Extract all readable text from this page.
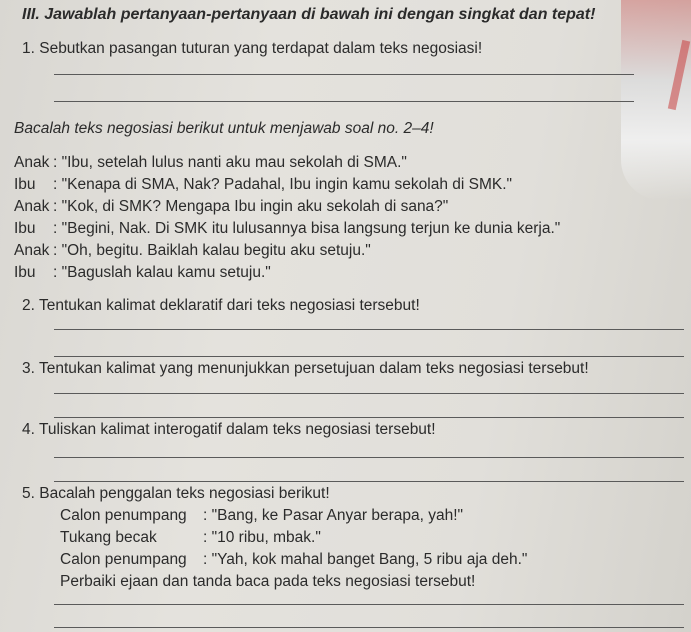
III. Jawablah pertanyaan-pertanyaan di bawah ini dengan singkat dan tepat!
1. Sebutkan pasangan tuturan yang terdapat dalam teks negosiasi!
Bacalah teks negosiasi berikut untuk menjawab soal no. 2–4!
Anak : "Ibu, setelah lulus nanti aku mau sekolah di SMA."
Ibu : "Kenapa di SMA, Nak? Padahal, Ibu ingin kamu sekolah di SMK."
Anak : "Kok, di SMK? Mengapa Ibu ingin aku sekolah di sana?"
Ibu : "Begini, Nak. Di SMK itu lulusannya bisa langsung terjun ke dunia kerja."
Anak : "Oh, begitu. Baiklah kalau begitu aku setuju."
Ibu : "Baguslah kalau kamu setuju."
2. Tentukan kalimat deklaratif dari teks negosiasi tersebut!
3. Tentukan kalimat yang menunjukkan persetujuan dalam teks negosiasi tersebut!
4. Tuliskan kalimat interogatif dalam teks negosiasi tersebut!
5. Bacalah penggalan teks negosiasi berikut!
Calon penumpang : "Bang, ke Pasar Anyar berapa, yah!"
Tukang becak	: "10 ribu, mbak."
Calon penumpang : "Yah, kok mahal banget Bang, 5 ribu aja deh."
Perbaiki ejaan dan tanda baca pada teks negosiasi tersebut!
